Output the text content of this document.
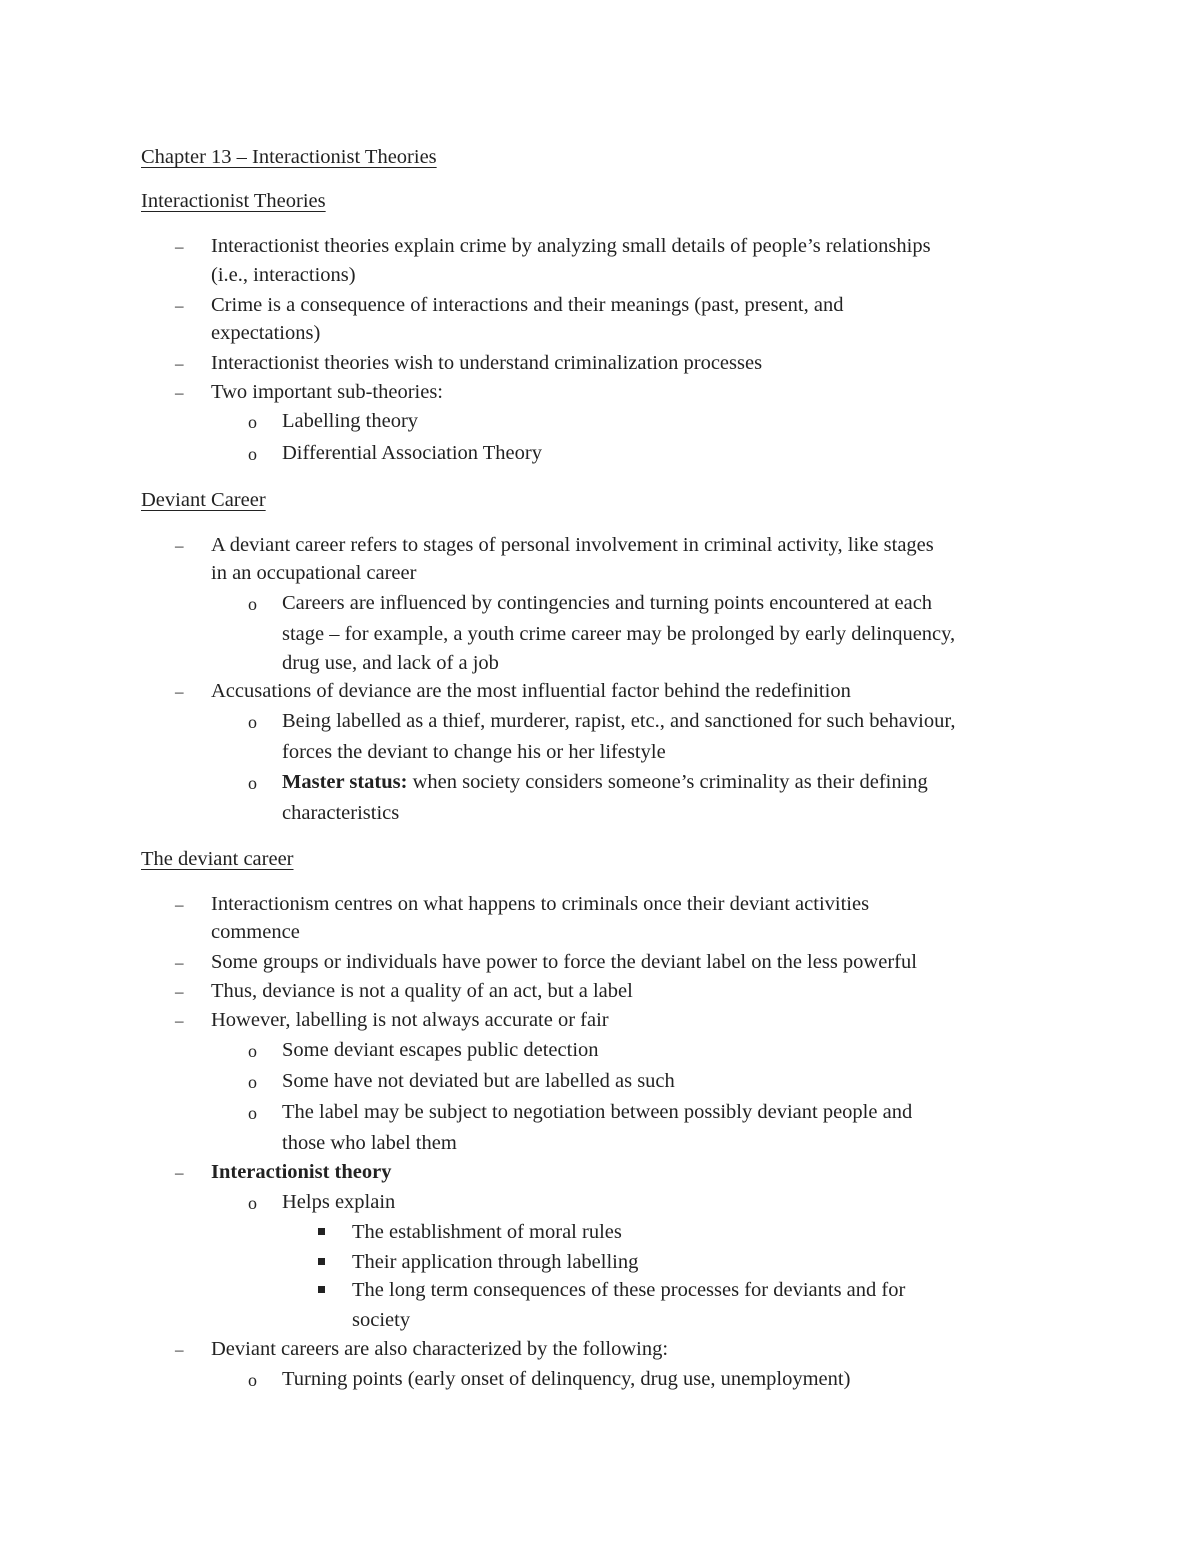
Chapter 13 – Interactionist Theories
Interactionist Theories
– Interactionist theories explain crime by analyzing small details of people’s relationships
(i.e., interactions)
– Crime is a consequence of interactions and their meanings (past, present, and
expectations)
– Interactionist theories wish to understand criminalization processes
– Two important sub-theories:
o Labelling theory
o Differential Association Theory
Deviant Career
– A deviant career refers to stages of personal involvement in criminal activity, like stages
in an occupational career
o Careers are influenced by contingencies and turning points encountered at each
stage – for example, a youth crime career may be prolonged by early delinquency,
drug use, and lack of a job
– Accusations of deviance are the most influential factor behind the redefinition
o Being labelled as a thief, murderer, rapist, etc., and sanctioned for such behaviour,
forces the deviant to change his or her lifestyle
o Master status: when society considers someone’s criminality as their defining
characteristics
The deviant career
– Interactionism centres on what happens to criminals once their deviant activities
commence
– Some groups or individuals have power to force the deviant label on the less powerful
– Thus, deviance is not a quality of an act, but a label
– However, labelling is not always accurate or fair
o Some deviant escapes public detection
o Some have not deviated but are labelled as such
o The label may be subject to negotiation between possibly deviant people and
those who label them
– Interactionist theory
o Helps explain
The establishment of moral rules
Their application through labelling
The long term consequences of these processes for deviants and for
society
– Deviant careers are also characterized by the following:
o Turning points (early onset of delinquency, drug use, unemployment)
